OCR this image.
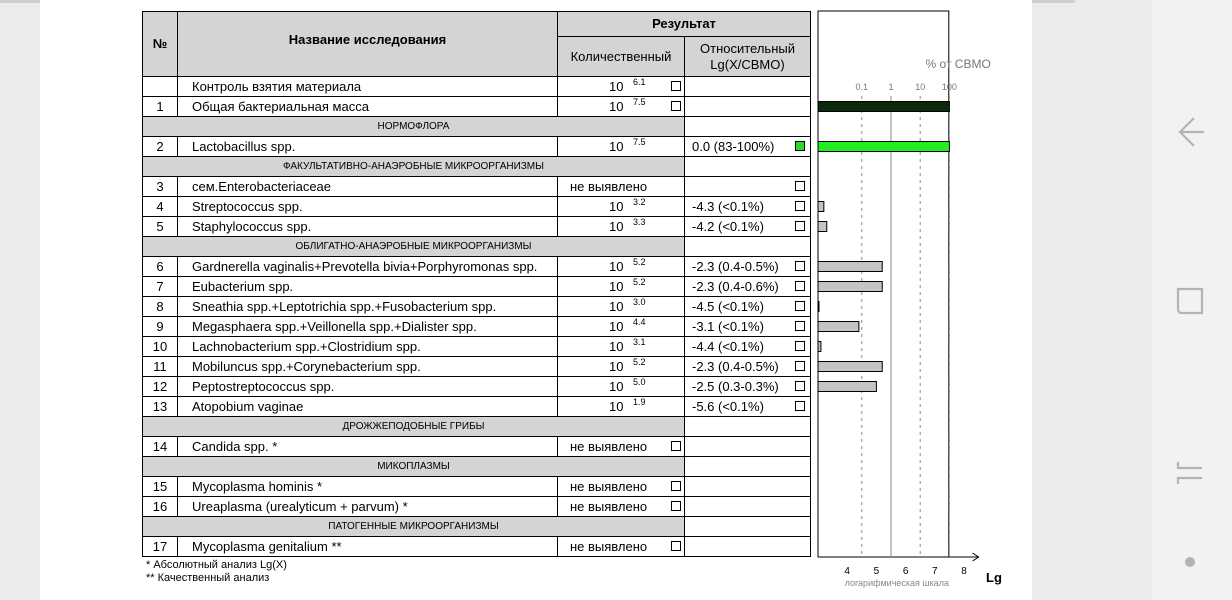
№	Название исследования	Результат	

Количественный	Относительный
Lg(X/СВМО)

	Контроль взятия материала	10 6.1	

1	Общая бактериальная масса	10 7.5	

НОРМОФЛОРА			
2	Lactobacillus spp.	10 7.5	0.0 (83-100%)

ФАКУЛЬТАТИВНО-АНАЭРОБНЫЕ МИКРООРГАНИЗМЫ			
3	сем.Enterobacteriaceae	не выявлено	

4	Streptococcus spp.	10 3.2	-4.3 (<0.1%)

5	Staphylococcus spp.	10 3.3	-4.2 (<0.1%)

ОБЛИГАТНО-АНАЭРОБНЫЕ МИКРООРГАНИЗМЫ			
6	Gardnerella vaginalis+Prevotella bivia+Porphyromonas spp.	10 5.2	-2.3 (0.4-0.5%)

7	Eubacterium spp.	10 5.2	-2.3 (0.4-0.6%)

8	Sneathia spp.+Leptotrichia spp.+Fusobacterium spp.	10 3.0	-4.5 (<0.1%)

9	Megasphaera spp.+Veillonella spp.+Dialister spp.	10 4.4	-3.1 (<0.1%)

10	Lachnobacterium spp.+Clostridium spp.	10 3.1	-4.4 (<0.1%)

11	Mobiluncus spp.+Corynebacterium spp.	10 5.2	-2.3 (0.4-0.5%)

12	Peptostreptococcus spp.	10 5.0	-2.5 (0.3-0.3%)

13	Atopobium vaginae	10 1.9	-5.6 (<0.1%)

ДРОЖЖЕПОДОБНЫЕ ГРИБЫ			
14	Candida spp. *	не выявлено	

МИКОПЛАЗМЫ			
15	Mycoplasma hominis *	не выявлено	

16	Ureaplasma (urealyticum + parvum) *	не выявлено	

ПАТОГЕННЫЕ МИКРООРГАНИЗМЫ			
17	Mycoplasma genitalium **	не выявлено	

% от СВМО
0.1 1 10 100
4 5 6 7 8
логарифмическая шкала	Lg
* Абсолютный анализ Lg(X)
** Качественный анализ
